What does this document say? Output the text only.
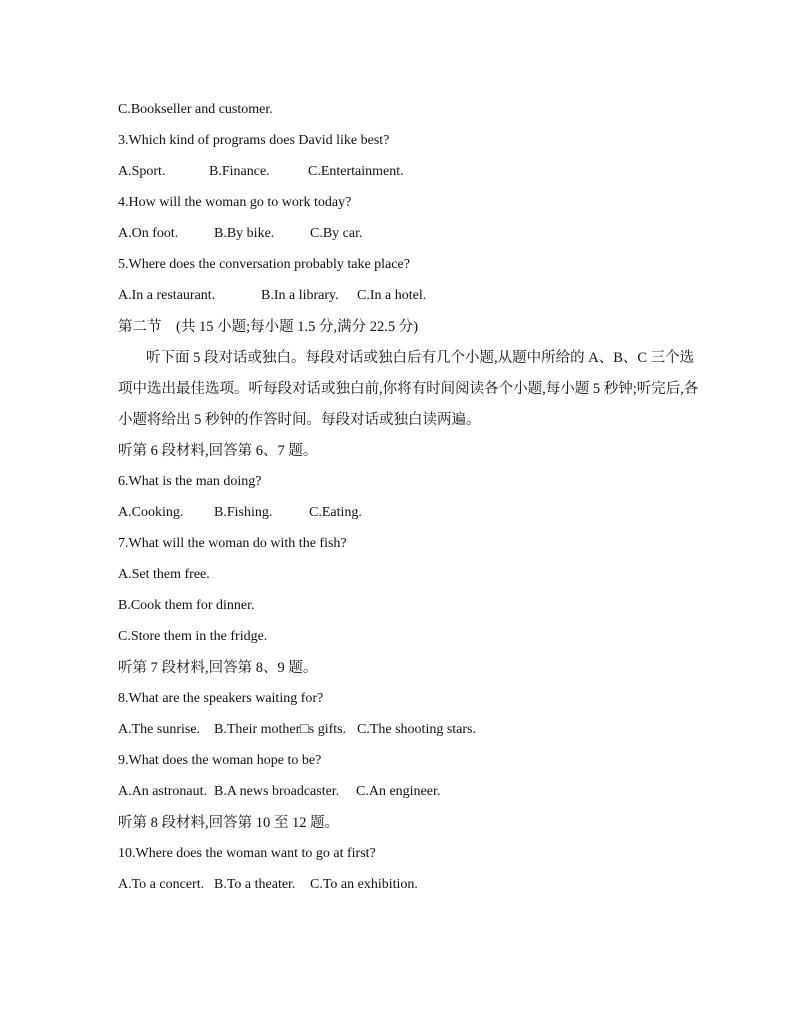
C.Bookseller and customer.
3.Which kind of programs does David like best?
A.Sport.	B.Finance.	C.Entertainment.
4.How will the woman go to work today?
A.On foot.	B.By bike.	C.By car.
5.Where does the conversation probably take place?
A.In a restaurant.	B.In a library. C.In a hotel.
第二节　(共 15 小题;每小题 1.5 分,满分 22.5 分)
听下面 5 段对话或独白。每段对话或独白后有几个小题,从题中所给的 A、B、C 三个选
项中选出最佳选项。听每段对话或独白前,你将有时间阅读各个小题,每小题 5 秒钟;听完后,各
小题将给出 5 秒钟的作答时间。每段对话或独白读两遍。
听第 6 段材料,回答第 6、7 题。
6.What is the man doing?
A.Cooking. B.Fishing.	C.Eating.
7.What will the woman do with the fish?
A.Set them free.
B.Cook them for dinner.
C.Store them in the fridge.
听第 7 段材料,回答第 8、9 题。
8.What are the speakers waiting for?
A.The sunrise. B.Their mother□s gifts. C.The shooting stars.
9.What does the woman hope to be?
A.An astronaut. B.A news broadcaster. C.An engineer.
听第 8 段材料,回答第 10 至 12 题。
10.Where does the woman want to go at first?
A.To a concert. B.To a theater. C.To an exhibition.
